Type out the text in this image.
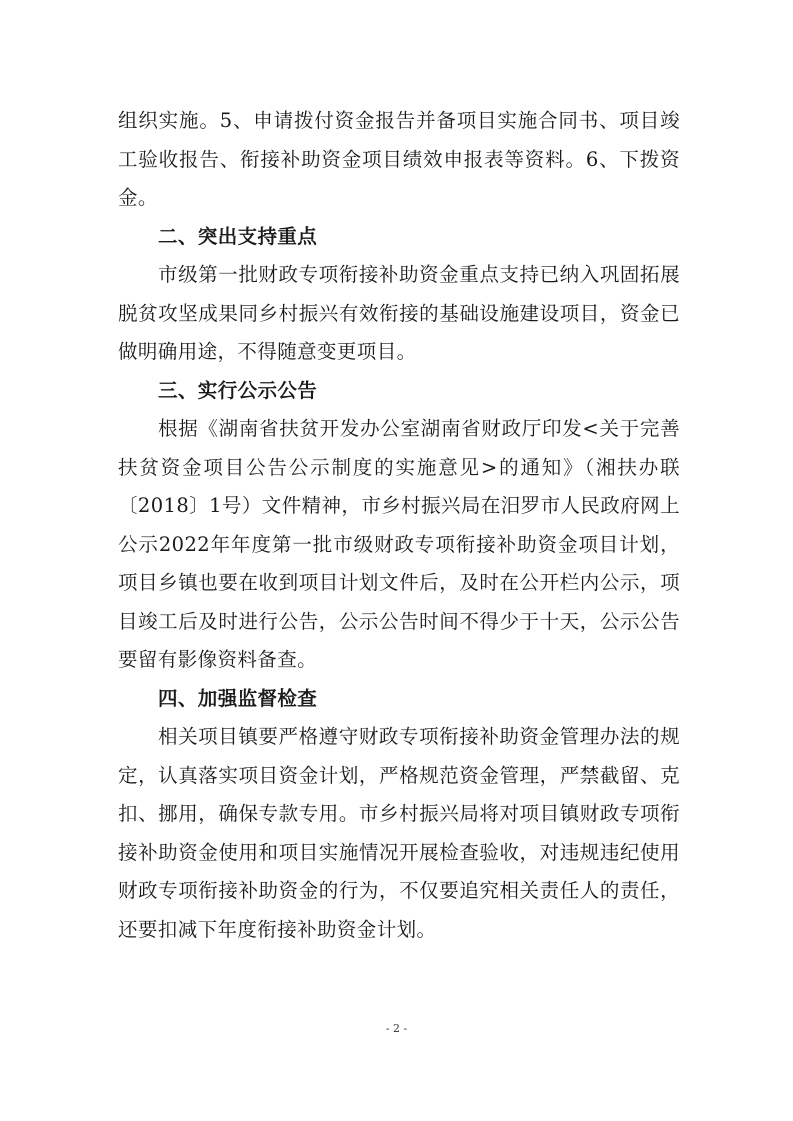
组织实施。5、申请拨付资金报告并备项目实施合同书、项目竣工验收报告、衔接补助资金项目绩效申报表等资料。6、下拨资金。

二、突出支持重点

市级第一批财政专项衔接补助资金重点支持已纳入巩固拓展脱贫攻坚成果同乡村振兴有效衔接的基础设施建设项目，资金已做明确用途，不得随意变更项目。

三、实行公示公告

根据《湖南省扶贫开发办公室湖南省财政厅印发<关于完善扶贫资金项目公告公示制度的实施意见>的通知》（湘扶办联〔2018〕1号）文件精神，市乡村振兴局在汨罗市人民政府网上公示2022年年度第一批市级财政专项衔接补助资金项目计划，项目乡镇也要在收到项目计划文件后，及时在公开栏内公示，项目竣工后及时进行公告，公示公告时间不得少于十天，公示公告要留有影像资料备查。

四、加强监督检查

相关项目镇要严格遵守财政专项衔接补助资金管理办法的规定，认真落实项目资金计划，严格规范资金管理，严禁截留、克扣、挪用，确保专款专用。市乡村振兴局将对项目镇财政专项衔接补助资金使用和项目实施情况开展检查验收，对违规违纪使用财政专项衔接补助资金的行为，不仅要追究相关责任人的责任，还要扣减下年度衔接补助资金计划。

- 2 -
